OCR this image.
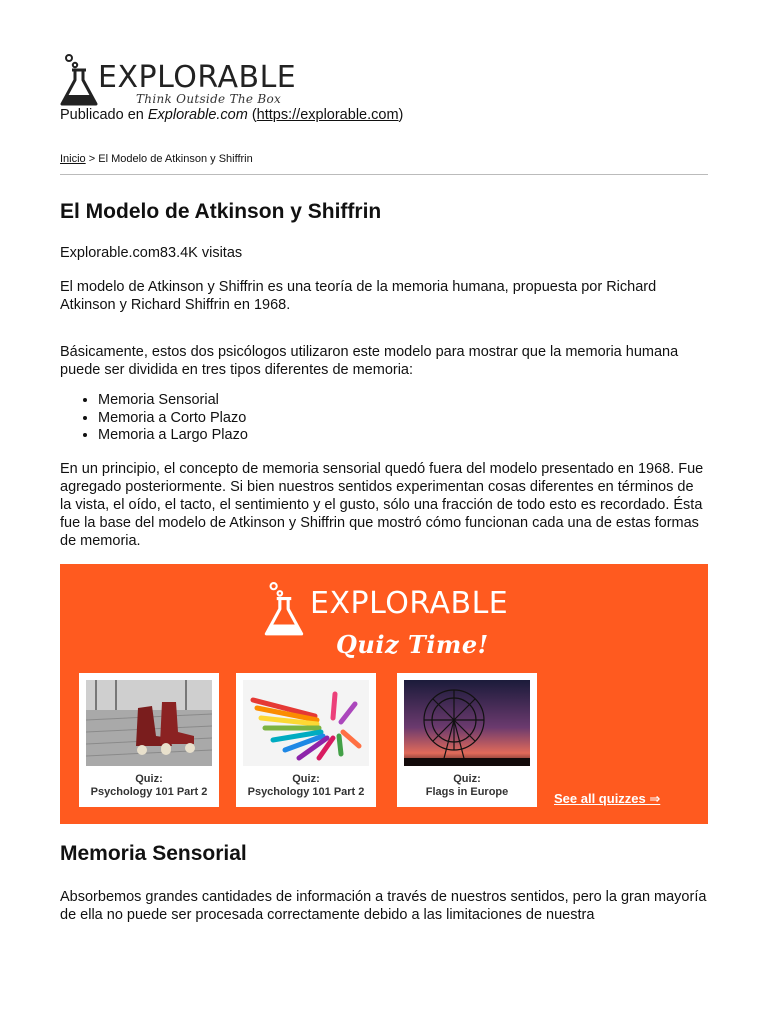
EXPLORABLE
Think Outside The Box
Publicado en Explorable.com (https://explorable.com)
Inicio > El Modelo de Atkinson y Shiffrin
El Modelo de Atkinson y Shiffrin
Explorable.com83.4K visitas

El modelo de Atkinson y Shiffrin es una teoría de la memoria humana, propuesta por Richard Atkinson y Richard Shiffrin en 1968.

Básicamente, estos dos psicólogos utilizaron este modelo para mostrar que la memoria humana puede ser dividida en tres tipos diferentes de memoria:

• Memoria Sensorial
• Memoria a Corto Plazo
• Memoria a Largo Plazo

En un principio, el concepto de memoria sensorial quedó fuera del modelo presentado en 1968. Fue agregado posteriormente. Si bien nuestros sentidos experimentan cosas diferentes en términos de la vista, el oído, el tacto, el sentimiento y el gusto, sólo una fracción de todo esto es recordado. Ésta fue la base del modelo de Atkinson y Shiffrin que mostró cómo funcionan cada una de estas formas de memoria.

EXPLORABLE
Quiz Time!
Quiz:
Psychology 101 Part 2
Quiz:
Psychology 101 Part 2
Quiz:
Flags in Europe	See all quizzes ⇒
Memoria Sensorial

Absorbemos grandes cantidades de información a través de nuestros sentidos, pero la gran mayoría de ella no puede ser procesada correctamente debido a las limitaciones de nuestra
